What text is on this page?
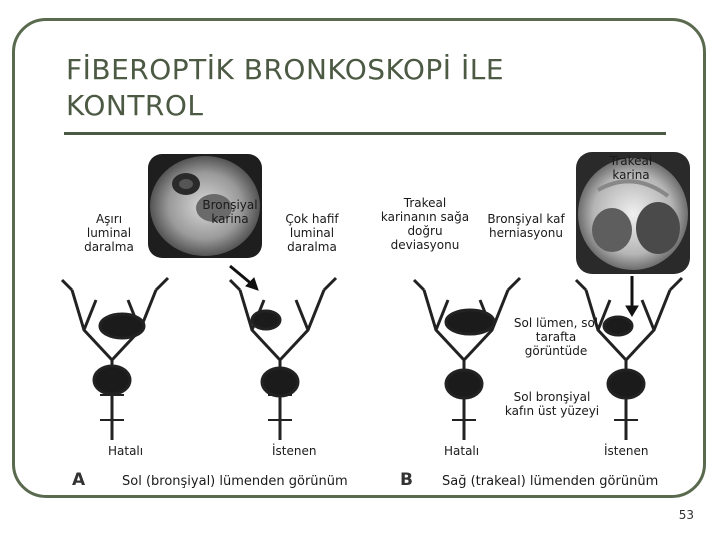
FİBEROPTİK BRONKOSKOPİ İLE KONTROL
Aşırı luminal daralma
Bronşiyal karina	Çok hafif luminal daralma
Hatalı	İstenen
Trakeal karinanın sağa doğru deviasyonu
Bronşiyal kaf herniasyonu
Trakeal karina
Sol lümen, sol tarafta görüntüde
Sol bronşiyal kafın üst yüzeyi
Hatalı	İstenen
A	Sol (bronşiyal) lümenden görünüm	B Sağ (trakeal) lümenden görünüm
53
